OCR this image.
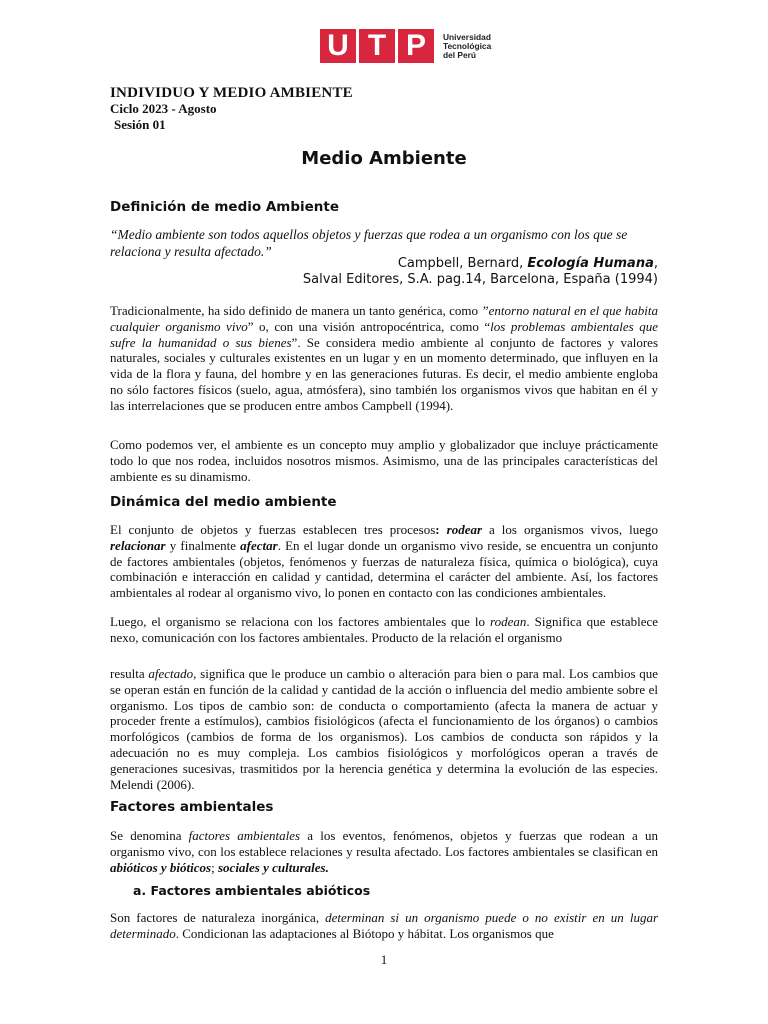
U T P	Universidad
Tecnológica
del Perú
INDIVIDUO Y MEDIO AMBIENTE
Ciclo 2023 - Agosto
Sesión 01
Medio Ambiente
Definición de medio Ambiente
“Medio ambiente son todos aquellos objetos y fuerzas que rodea a un organismo con los que se relaciona y resulta afectado.”
Campbell, Bernard, Ecología Humana,
Salval Editores, S.A. pag.14, Barcelona, España (1994)
Tradicionalmente, ha sido definido de manera un tanto genérica, como ”entorno natural en el que habita cualquier organismo vivo” o, con una visión antropocéntrica, como “los problemas ambientales que sufre la humanidad o sus bienes”. Se considera medio ambiente al conjunto de factores y valores naturales, sociales y culturales existentes en un lugar y en un momento determinado, que influyen en la vida de la flora y fauna, del hombre y en las generaciones futuras. Es decir, el medio ambiente engloba no sólo factores físicos (suelo, agua, atmósfera), sino también los organismos vivos que habitan en él y las interrelaciones que se producen entre ambos Campbell (1994).
Como podemos ver, el ambiente es un concepto muy amplio y globalizador que incluye prácticamente todo lo que nos rodea, incluidos nosotros mismos. Asimismo, una de las principales características del ambiente es su dinamismo.
Dinámica del medio ambiente
El conjunto de objetos y fuerzas establecen tres procesos: rodear a los organismos vivos, luego relacionar y finalmente afectar. En el lugar donde un organismo vivo reside, se encuentra un conjunto de factores ambientales (objetos, fenómenos y fuerzas de naturaleza física, química o biológica), cuya combinación e interacción en calidad y cantidad, determina el carácter del ambiente. Así, los factores ambientales al rodear al organismo vivo, lo ponen en contacto con las condiciones ambientales.
Luego, el organismo se relaciona con los factores ambientales que lo rodean. Significa que establece nexo, comunicación con los factores ambientales. Producto de la relación el organismo
resulta afectado, significa que le produce un cambio o alteración para bien o para mal. Los cambios que se operan están en función de la calidad y cantidad de la acción o influencia del medio ambiente sobre el organismo. Los tipos de cambio son: de conducta o comportamiento (afecta la manera de actuar y proceder frente a estímulos), cambios fisiológicos (afecta el funcionamiento de los órganos) o cambios morfológicos (cambios de forma de los organismos). Los cambios de conducta son rápidos y la adecuación no es muy compleja. Los cambios fisiológicos y morfológicos operan a través de generaciones sucesivas, trasmitidos por la herencia genética y determina la evolución de las especies. Melendi (2006).
Factores ambientales
Se denomina factores ambientales a los eventos, fenómenos, objetos y fuerzas que rodean a un organismo vivo, con los establece relaciones y resulta afectado. Los factores ambientales se clasifican en abióticos y bióticos; sociales y culturales.
a. Factores ambientales abióticos
Son factores de naturaleza inorgánica, determinan si un organismo puede o no existir en un lugar determinado. Condicionan las adaptaciones al Biótopo y hábitat. Los organismos que
1
